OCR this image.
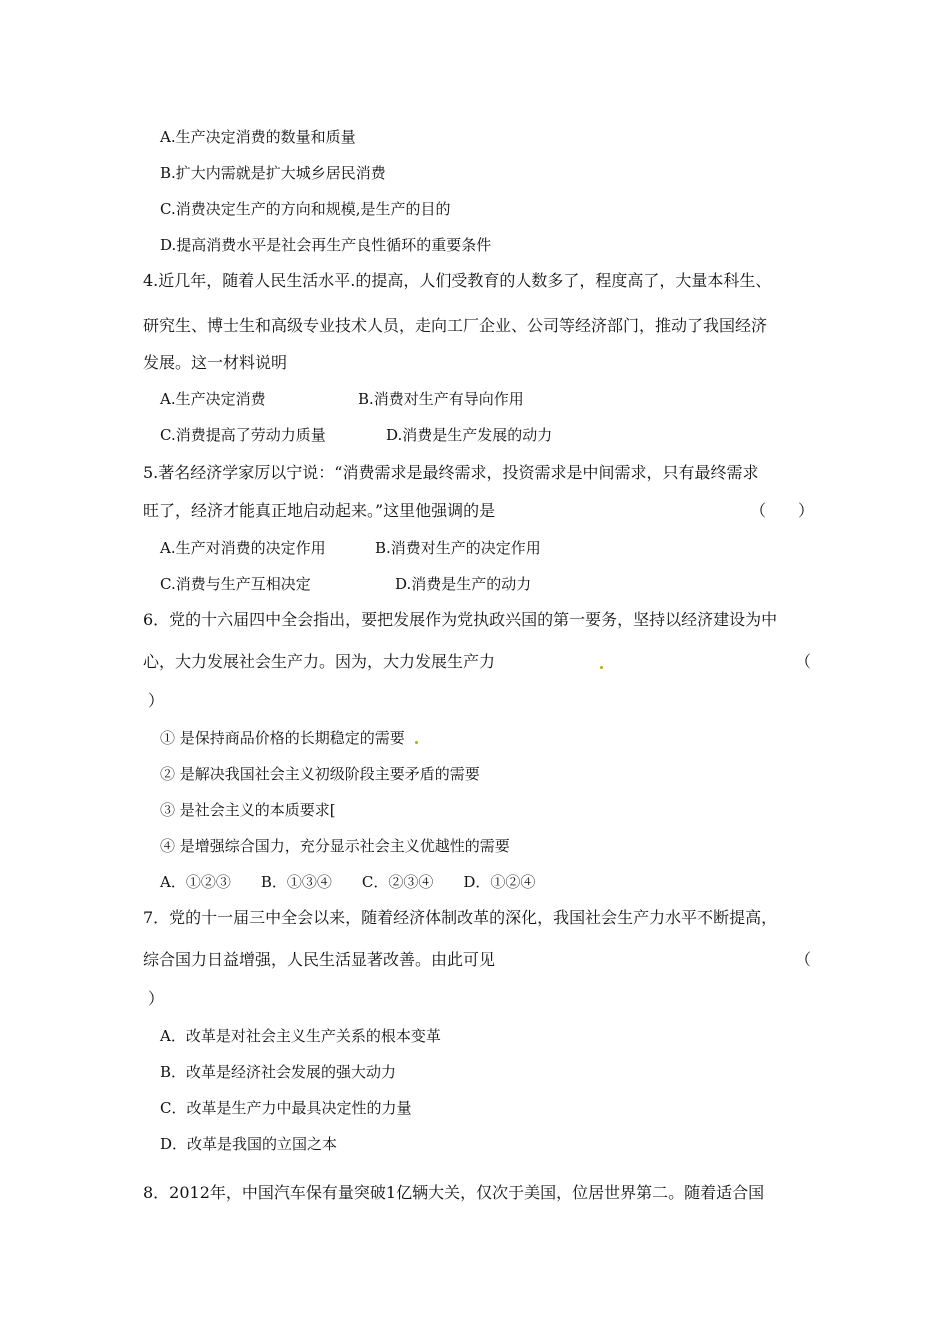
A.生产决定消费的数量和质量
B.扩大内需就是扩大城乡居民消费
C.消费决定生产的方向和规模,是生产的目的
D.提高消费水平是社会再生产良性循环的重要条件
4.近几年，随着人民生活水平.的提高，人们受教育的人数多了，程度高了，大量本科生、
研究生、博士生和高级专业技术人员，走向工厂企业、公司等经济部门，推动了我国经济
发展。这一材料说明
A.生产决定消费	B.消费对生产有导向作用
C.消费提高了劳动力质量	D.消费是生产发展的动力
5.著名经济学家厉以宁说：“消费需求是最终需求，投资需求是中间需求，只有最终需求
旺了，经济才能真正地启动起来。”这里他强调的是	（　　）
A.生产对消费的决定作用	B.消费对生产的决定作用
C.消费与生产互相决定	D.消费是生产的动力
6．党的十六届四中全会指出，要把发展作为党执政兴国的第一要务，坚持以经济建设为中
心，大力发展社会生产力。因为，大力发展生产力	（
）
① 是保持商品价格的长期稳定的需要
② 是解决我国社会主义初级阶段主要矛盾的需要
③ 是社会主义的本质要求[
④ 是增强综合国力，充分显示社会主义优越性的需要
A．①②③　　B．①③④　　C．②③④　　D．①②④
7．党的十一届三中全会以来，随着经济体制改革的深化，我国社会生产力水平不断提高，
综合国力日益增强，人民生活显著改善。由此可见	（
）
A．改革是对社会主义生产关系的根本变革
B．改革是经济社会发展的强大动力
C．改革是生产力中最具决定性的力量
D．改革是我国的立国之本
8．2012年，中国汽车保有量突破1亿辆大关，仅次于美国，位居世界第二。随着适合国
